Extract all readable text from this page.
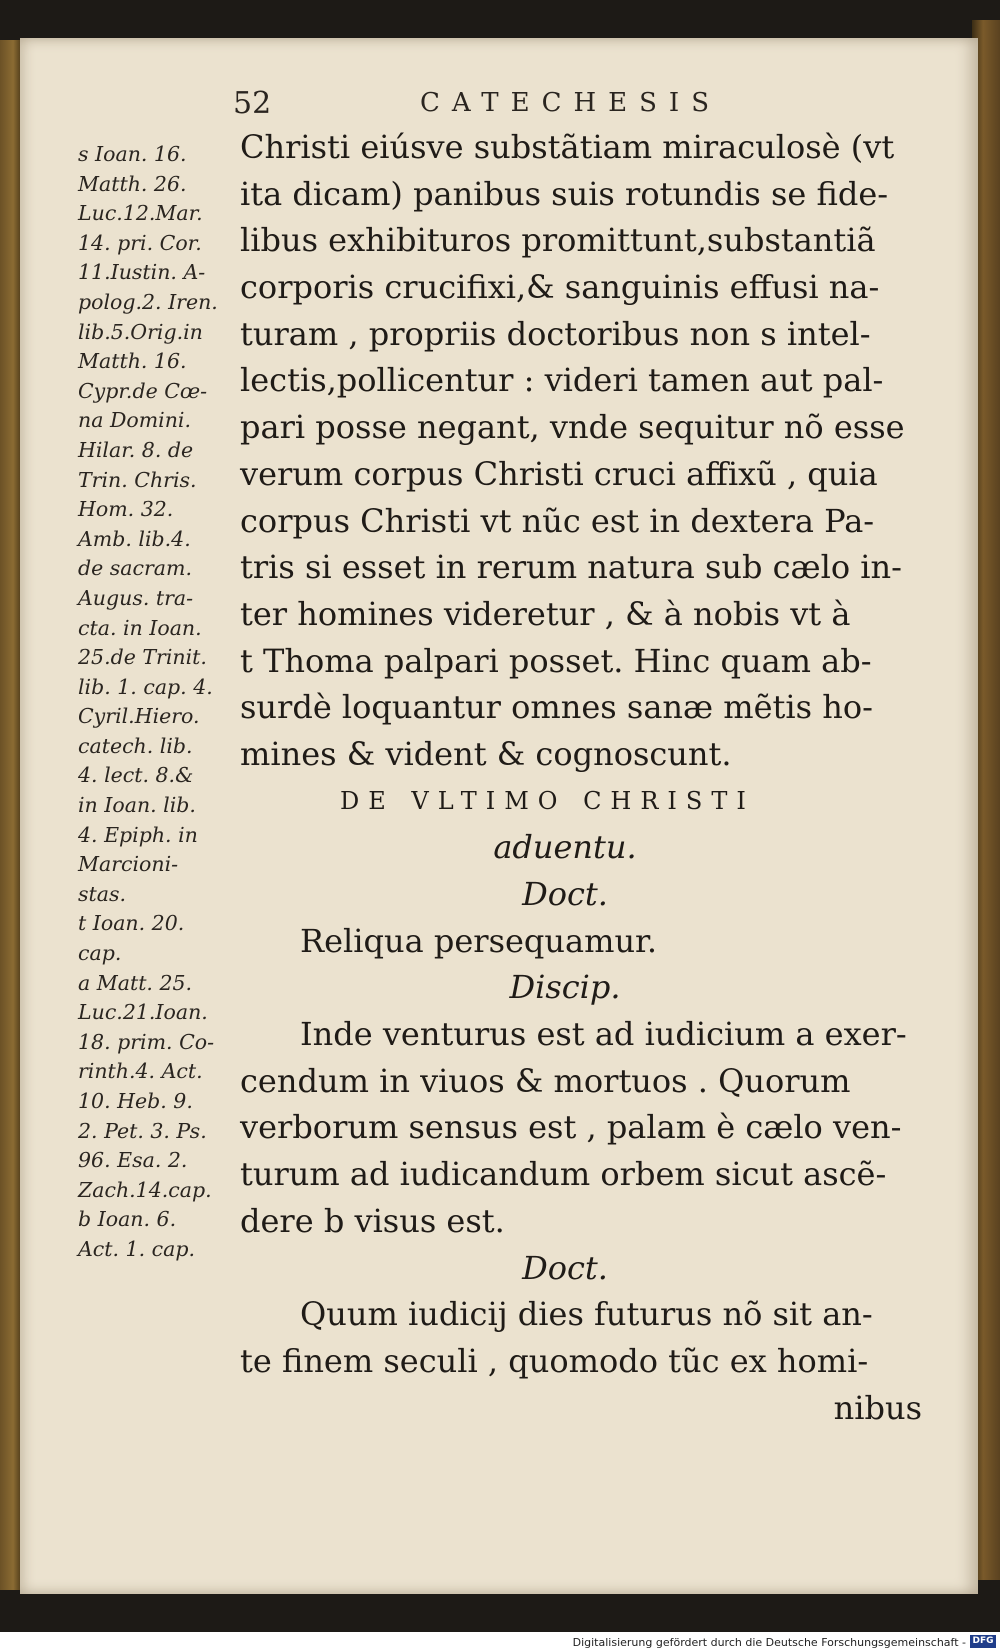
52	CATECHESIS
s Ioan. 16.
Matth. 26.
Luc.12.Mar.
14. pri. Cor.
11.Iustin. A-
polog.2. Iren.
lib.5.Orig.in
Matth. 16.
Cypr.de Cœ-
na Domini.
Hilar. 8. de
Trin. Chris.
Hom. 32.
Amb. lib.4.
de sacram.
Augus. tra-
cta. in Ioan.
25.de Trinit.
lib. 1. cap. 4.
Cyril.Hiero.
catech. lib.
4. lect. 8.&
in Ioan. lib.
4. Epiph. in
Marcioni-
stas.
t Ioan. 20.
cap.
a Matt. 25.
Luc.21.Ioan.
18. prim. Co-
rinth.4. Act.
10. Heb. 9.
2. Pet. 3. Ps.
96. Esa. 2.
Zach.14.cap.
b Ioan. 6.
Act. 1. cap.
Christi eiúsve substãtiam miraculosè (vt
ita dicam) panibus suis rotundis se fide-
libus exhibituros promittunt,substantiã
corporis crucifixi,& sanguinis effusi na-
turam , propriis doctoribus non s intel-
lectis,pollicentur : videri tamen aut pal-
pari posse negant, vnde sequitur nõ esse
verum corpus Christi cruci affixũ , quia
corpus Christi vt nũc est in dextera Pa-
tris si esset in rerum natura sub cælo in-
ter homines videretur , & à nobis vt à
t Thoma palpari posset. Hinc quam ab-
surdè loquantur omnes sanæ mẽtis ho-
mines & vident & cognoscunt.
DE VLTIMO CHRISTI
aduentu.
Doct.
Reliqua persequamur.
Discip.
Inde venturus est ad iudicium a exer-
cendum in viuos & mortuos . Quorum
verborum sensus est , palam è cælo ven-
turum ad iudicandum orbem sicut ascẽ-
dere b visus est.
Doct.
Quum iudicij dies futurus nõ sit an-
te finem seculi , quomodo tũc ex homi-
nibus
Digitalisierung gefördert durch die Deutsche Forschungsgemeinschaft - DFG
